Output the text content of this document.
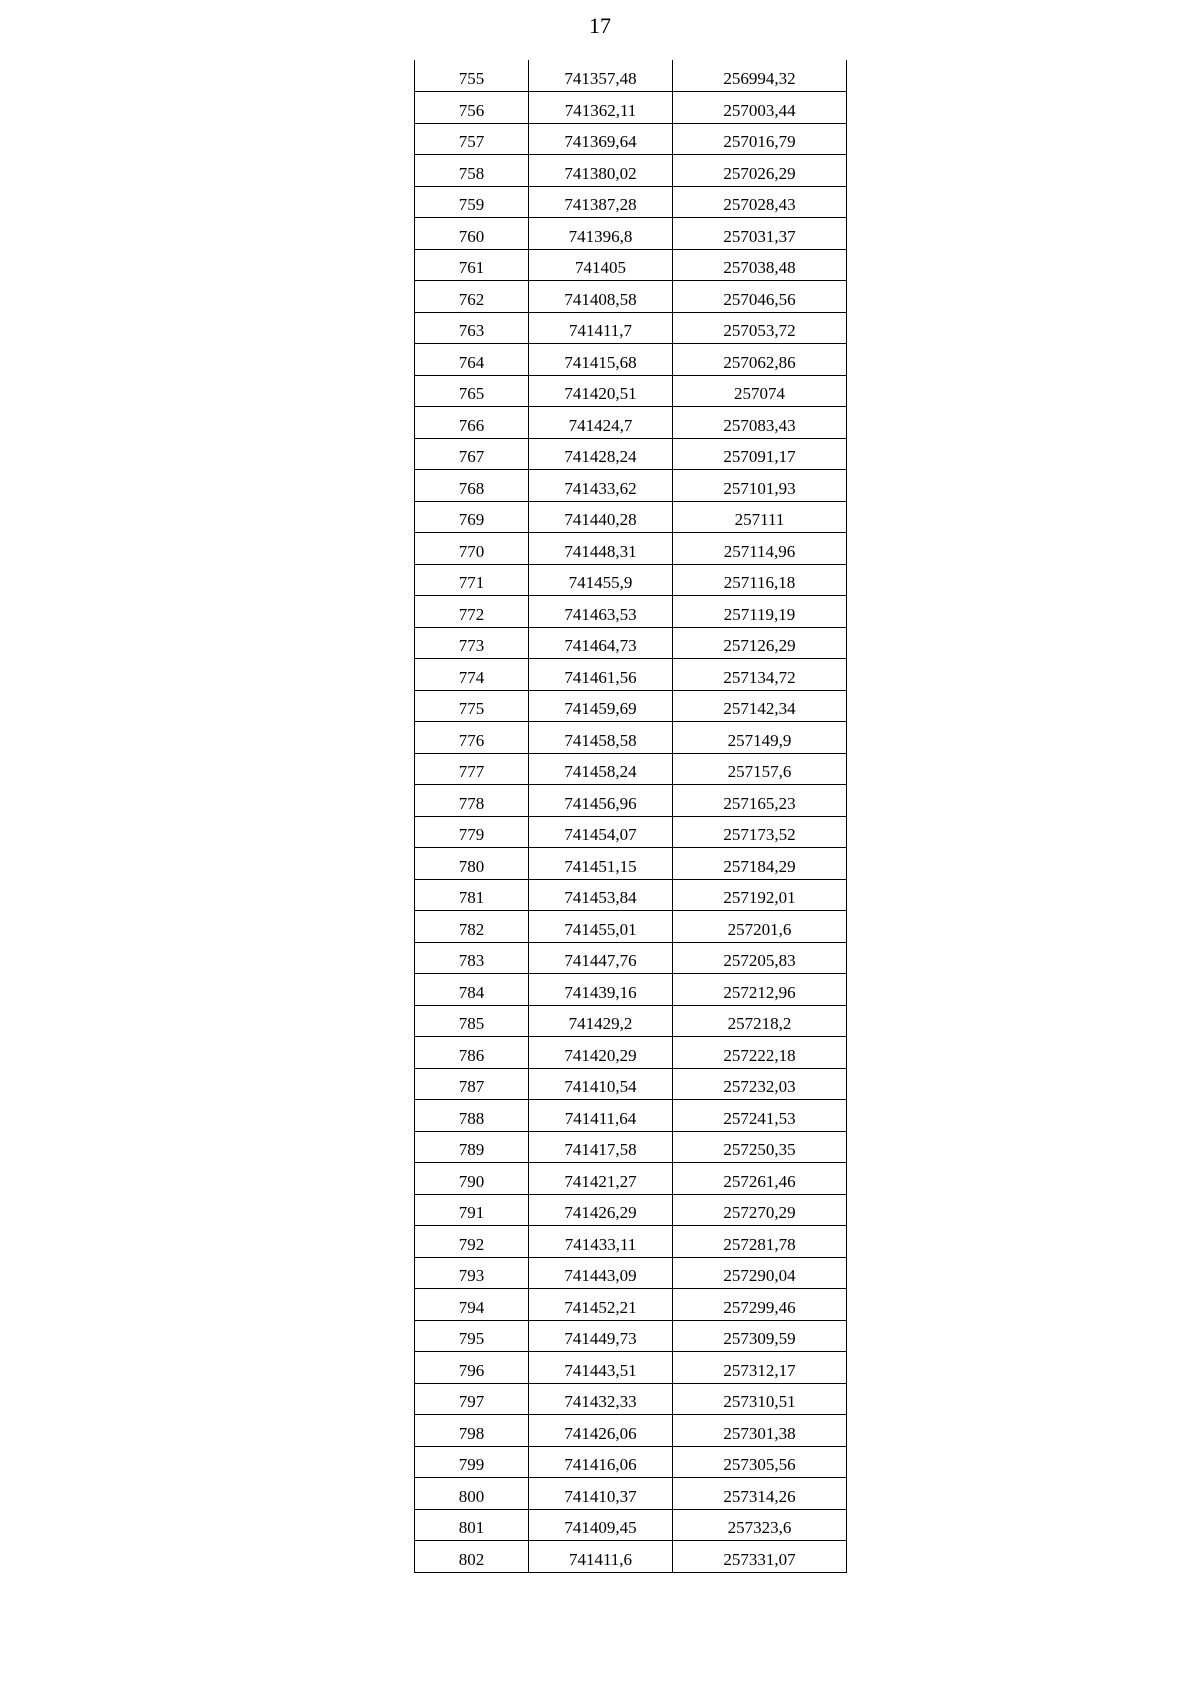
17
755	741357,48	256994,32
756	741362,11	257003,44
757	741369,64	257016,79
758	741380,02	257026,29
759	741387,28	257028,43
760	741396,8	257031,37
761	741405	257038,48
762	741408,58	257046,56
763	741411,7	257053,72
764	741415,68	257062,86
765	741420,51	257074
766	741424,7	257083,43
767	741428,24	257091,17
768	741433,62	257101,93
769	741440,28	257111
770	741448,31	257114,96
771	741455,9	257116,18
772	741463,53	257119,19
773	741464,73	257126,29
774	741461,56	257134,72
775	741459,69	257142,34
776	741458,58	257149,9
777	741458,24	257157,6
778	741456,96	257165,23
779	741454,07	257173,52
780	741451,15	257184,29
781	741453,84	257192,01
782	741455,01	257201,6
783	741447,76	257205,83
784	741439,16	257212,96
785	741429,2	257218,2
786	741420,29	257222,18
787	741410,54	257232,03
788	741411,64	257241,53
789	741417,58	257250,35
790	741421,27	257261,46
791	741426,29	257270,29
792	741433,11	257281,78
793	741443,09	257290,04
794	741452,21	257299,46
795	741449,73	257309,59
796	741443,51	257312,17
797	741432,33	257310,51
798	741426,06	257301,38
799	741416,06	257305,56
800	741410,37	257314,26
801	741409,45	257323,6
802	741411,6	257331,07
